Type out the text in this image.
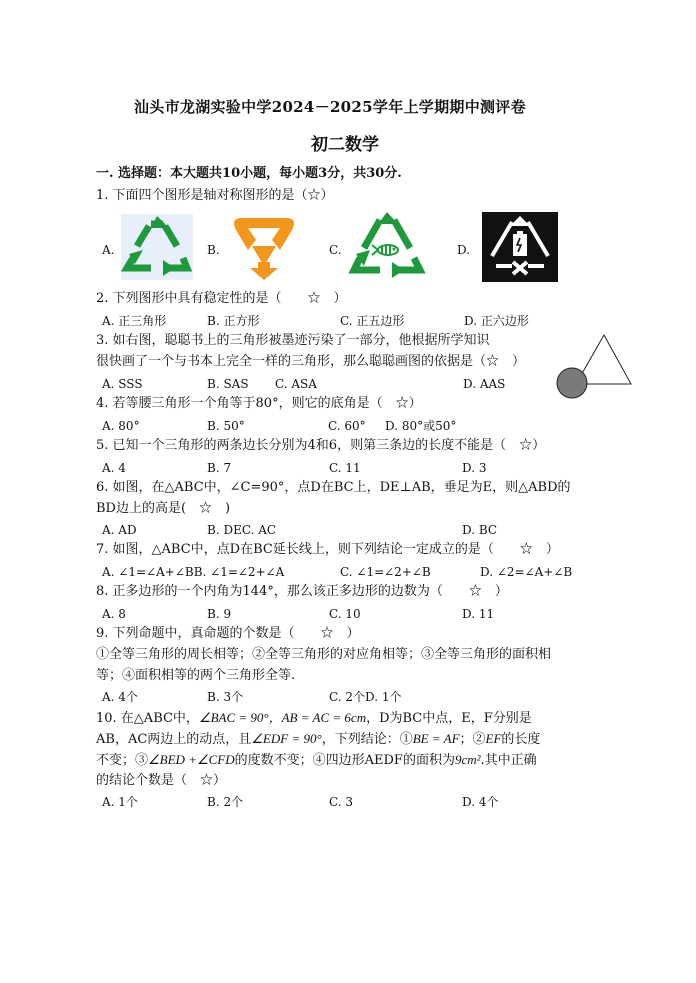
汕头市龙湖实验中学2024－2025学年上学期期中测评卷
初二数学
一. 选择题：本大题共10小题，每小题3分，共30分.
1. 下面四个图形是轴对称图形的是（☆）
A.	B.	C.	D.
2. 下列图形中具有稳定性的是（　　☆　）
A. 正三角形	B. 正方形	C. 正五边形	D. 正六边形
3. 如右图，聪聪书上的三角形被墨迹污染了一部分，他根据所学知识
很快画了一个与书本上完全一样的三角形，那么聪聪画图的依据是（☆　）
A. SSS	B. SAS C. ASA	D. AAS
4. 若等腰三角形一个角等于80°，则它的底角是（　☆）
A. 80°	B. 50°	C. 60° D. 80°或50°
5. 已知一个三角形的两条边长分别为4和6，则第三条边的长度不能是（　☆）
A. 4	B. 7	C. 11	D. 3
6. 如图，在△ABC中，∠C=90°，点D在BC上，DE⊥AB，垂足为E，则△ABD的
BD边上的高是(　☆　)
A. AD	B. DEC. AC	D. BC
7. 如图，△ABC中，点D在BC延长线上，则下列结论一定成立的是（　　☆　）
A. ∠1=∠A+∠BB. ∠1=∠2+∠A	C. ∠1=∠2+∠B	D. ∠2=∠A+∠B
8. 正多边形的一个内角为144°，那么该正多边形的边数为（　　☆　）
A. 8	B. 9	C. 10	D. 11
9. 下列命题中，真命题的个数是（　　☆　）
①全等三角形的周长相等；②全等三角形的对应角相等；③全等三角形的面积相
等；④面积相等的两个三角形全等.
A. 4个	B. 3个	C. 2个D. 1个
10. 在△ABC中，∠BAC = 90°，AB = AC = 6cm，D为BC中点，E，F分别是
AB，AC两边上的动点，且∠EDF = 90°，下列结论：①BE = AF；②EF的长度
不变；③∠BED +∠CFD的度数不变；④四边形AEDF的面积为9cm².其中正确
的结论个数是（　☆）
A. 1个	B. 2个	C. 3	D. 4个
